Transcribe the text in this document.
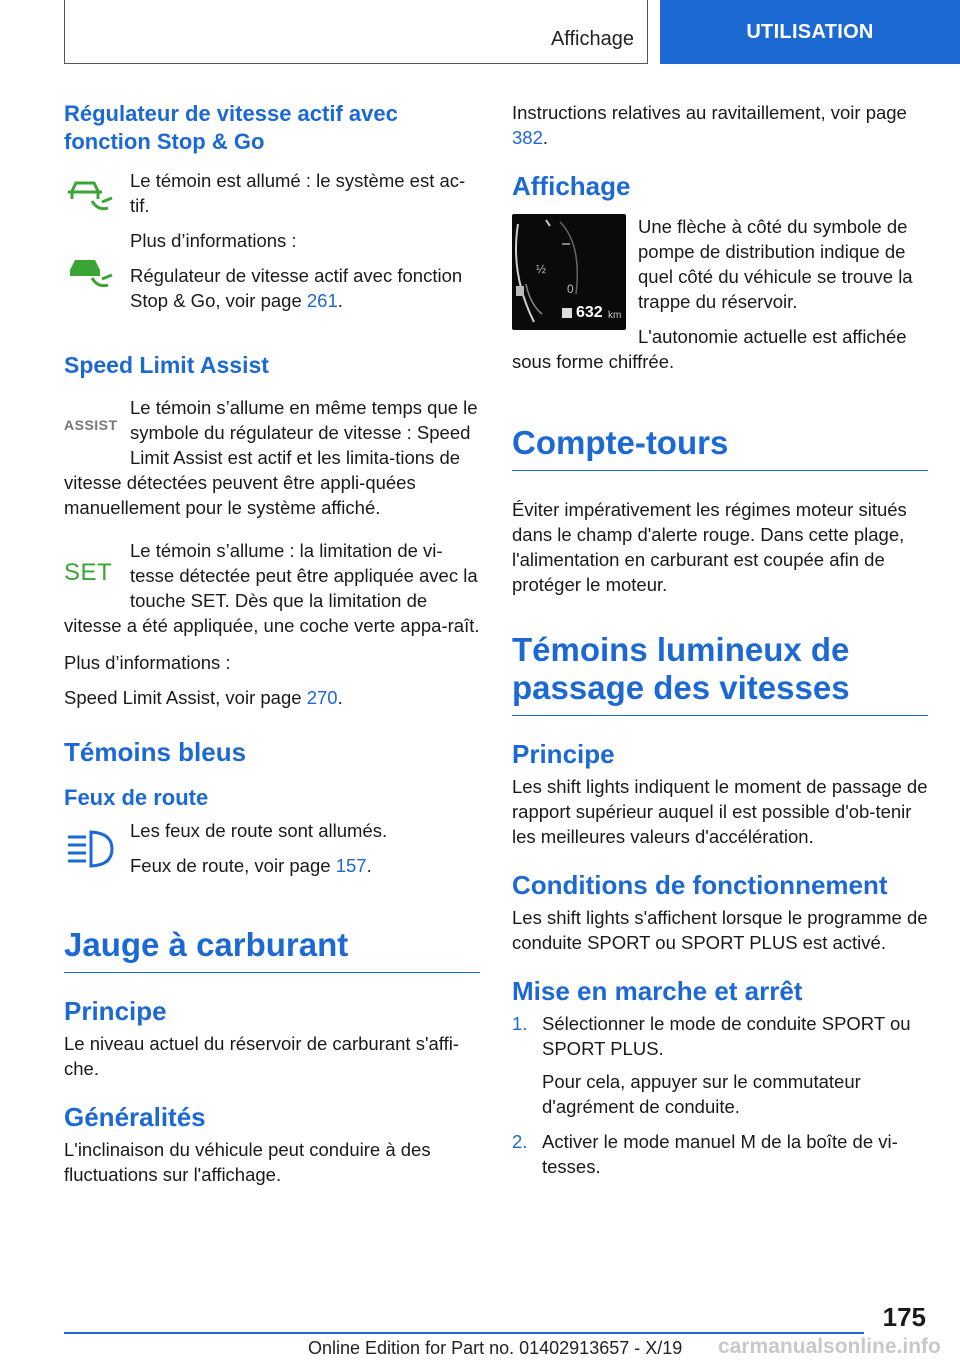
Affichage	UTILISATION
Régulateur de vitesse actif avec fonction Stop & Go

Le témoin est allumé : le système est ac-tif.

Plus d’informations :

Régulateur de vitesse actif avec fonction Stop & Go, voir page 261.

Speed Limit Assist
ASSIST

Le témoin s’allume en même temps que le symbole du régulateur de vitesse : Speed Limit Assist est actif et les limita-tions de vitesse détectées peuvent être appli-quées manuellement pour le système affiché.

SET

Le témoin s’allume : la limitation de vi-tesse détectée peut être appliquée avec la touche SET. Dès que la limitation de vitesse a été appliquée, une coche verte appa-raît.

Plus d’informations :

Speed Limit Assist, voir page 270.

Témoins bleus
Feux de route

Les feux de route sont allumés.

Feux de route, voir page 157.

Jauge à carburant
Principe

Le niveau actuel du réservoir de carburant s'affi-che.

Généralités

L'inclinaison du véhicule peut conduire à des fluctuations sur l'affichage.

Instructions relatives au ravitaillement, voir page 382.

Affichage
½
0
632 km

Une flèche à côté du symbole de pompe de distribution indique de quel côté du véhicule se trouve la trappe du réservoir.

L'autonomie actuelle est affichée sous forme chiffrée.

Compte-tours

Éviter impérativement les régimes moteur situés dans le champ d'alerte rouge. Dans cette plage, l'alimentation en carburant est coupée afin de protéger le moteur.

Témoins lumineux de passage des vitesses
Principe

Les shift lights indiquent le moment de passage de rapport supérieur auquel il est possible d'ob-tenir les meilleures valeurs d'accélération.

Conditions de fonctionnement

Les shift lights s'affichent lorsque le programme de conduite SPORT ou SPORT PLUS est activé.

Mise en marche et arrêt
1. Sélectionner le mode de conduite SPORT ou SPORT PLUS.
Pour cela, appuyer sur le commutateur d'agrément de conduite.
2. Activer le mode manuel M de la boîte de vi-tesses.
175
Online Edition for Part no. 01402913657 - X/19 carmanualsonline.info
